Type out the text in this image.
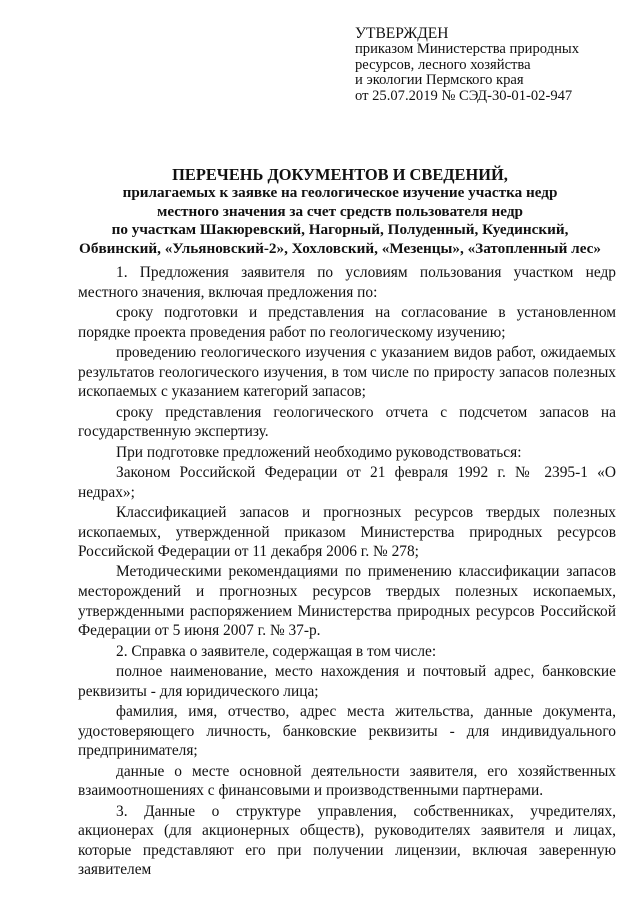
УТВЕРЖДЕН
приказом Министерства природных
ресурсов, лесного хозяйства
и экологии Пермского края
от 25.07.2019 № СЭД-30-01-02-947
ПЕРЕЧЕНЬ ДОКУМЕНТОВ И СВЕДЕНИЙ,
прилагаемых к заявке на геологическое изучение участка недр
местного значения за счет средств пользователя недр
по участкам Шакюревский, Нагорный, Полуденный, Куединский,
Обвинский, «Ульяновский-2», Хохловский, «Мезенцы», «Затопленный лес»

1. Предложения заявителя по условиям пользования участком недр местного значения, включая предложения по:

сроку подготовки и представления на согласование в установленном порядке проекта проведения работ по геологическому изучению;

проведению геологического изучения с указанием видов работ, ожидаемых результатов геологического изучения, в том числе по приросту запасов полезных ископаемых с указанием категорий запасов;

сроку представления геологического отчета с подсчетом запасов на государственную экспертизу.

При подготовке предложений необходимо руководствоваться:

Законом Российской Федерации от 21 февраля 1992 г. № 2395-1 «О недрах»;

Классификацией запасов и прогнозных ресурсов твердых полезных ископаемых, утвержденной приказом Министерства природных ресурсов Российской Федерации от 11 декабря 2006 г. № 278;

Методическими рекомендациями по применению классификации запасов месторождений и прогнозных ресурсов твердых полезных ископаемых, утвержденными распоряжением Министерства природных ресурсов Российской Федерации от 5 июня 2007 г. № 37-р.

2. Справка о заявителе, содержащая в том числе:

полное наименование, место нахождения и почтовый адрес, банковские реквизиты - для юридического лица;

фамилия, имя, отчество, адрес места жительства, данные документа, удостоверяющего личность, банковские реквизиты - для индивидуального предпринимателя;

данные о месте основной деятельности заявителя, его хозяйственных взаимоотношениях с финансовыми и производственными партнерами.

3. Данные о структуре управления, собственниках, учредителях, акционерах (для акционерных обществ), руководителях заявителя и лицах, которые представляют его при получении лицензии, включая заверенную заявителем
